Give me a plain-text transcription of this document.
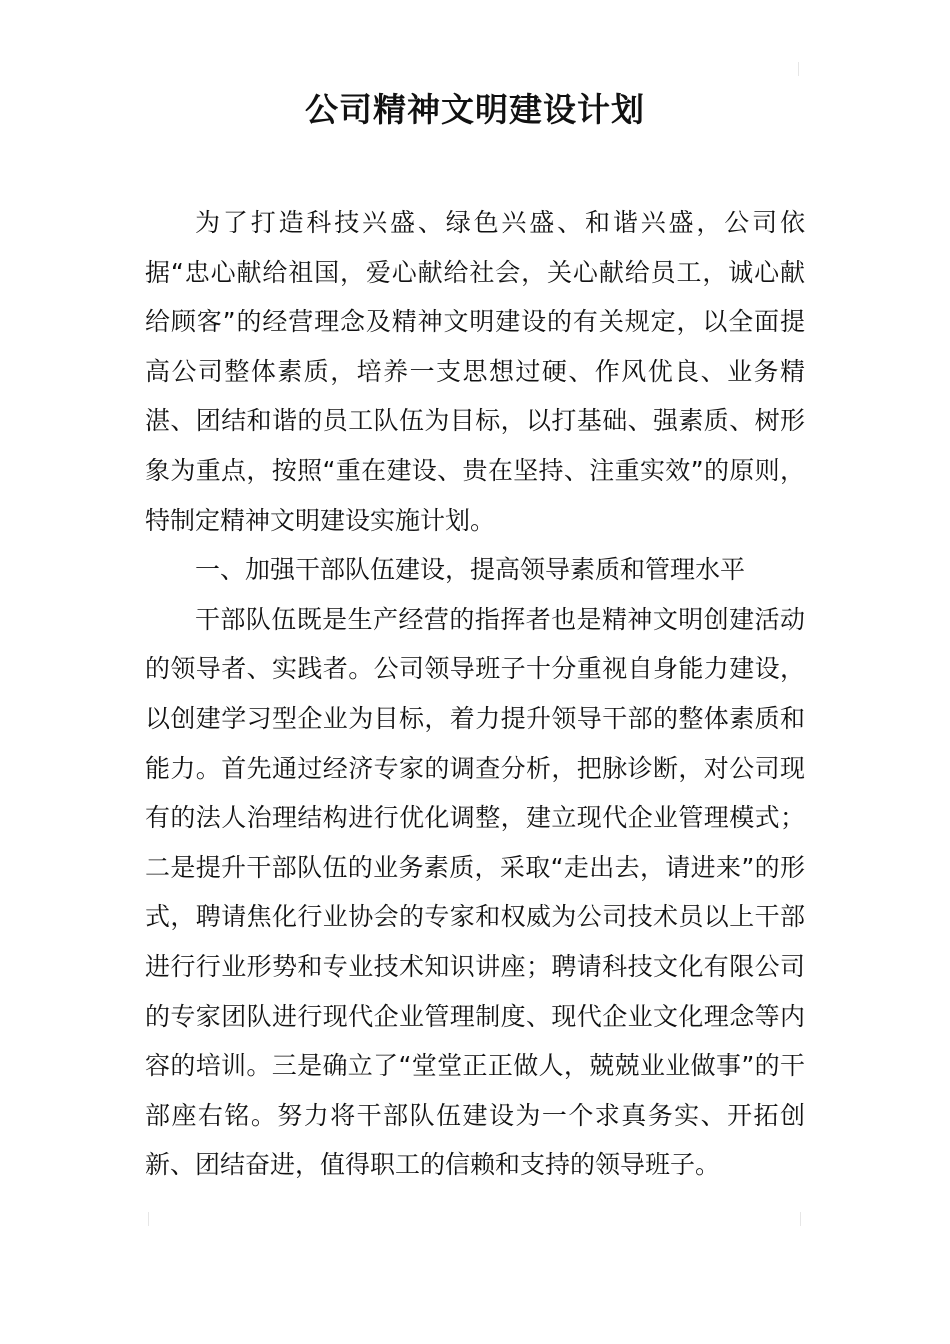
公司精神文明建设计划

为了打造科技兴盛、绿色兴盛、和谐兴盛，公司依据“忠心献给祖国，爱心献给社会，关心献给员工，诚心献给顾客”的经营理念及精神文明建设的有关规定，以全面提高公司整体素质，培养一支思想过硬、作风优良、业务精湛、团结和谐的员工队伍为目标，以打基础、强素质、树形象为重点，按照“重在建设、贵在坚持、注重实效”的原则，特制定精神文明建设实施计划。

一、加强干部队伍建设，提高领导素质和管理水平

干部队伍既是生产经营的指挥者也是精神文明创建活动的领导者、实践者。公司领导班子十分重视自身能力建设，以创建学习型企业为目标，着力提升领导干部的整体素质和能力。首先通过经济专家的调查分析，把脉诊断，对公司现有的法人治理结构进行优化调整，建立现代企业管理模式；二是提升干部队伍的业务素质，采取“走出去，请进来”的形式，聘请焦化行业协会的专家和权威为公司技术员以上干部进行行业形势和专业技术知识讲座；聘请科技文化有限公司的专家团队进行现代企业管理制度、现代企业文化理念等内容的培训。三是确立了“堂堂正正做人，兢兢业业做事”的干部座右铭。努力将干部队伍建设为一个求真务实、开拓创新、团结奋进，值得职工的信赖和支持的领导班子。
